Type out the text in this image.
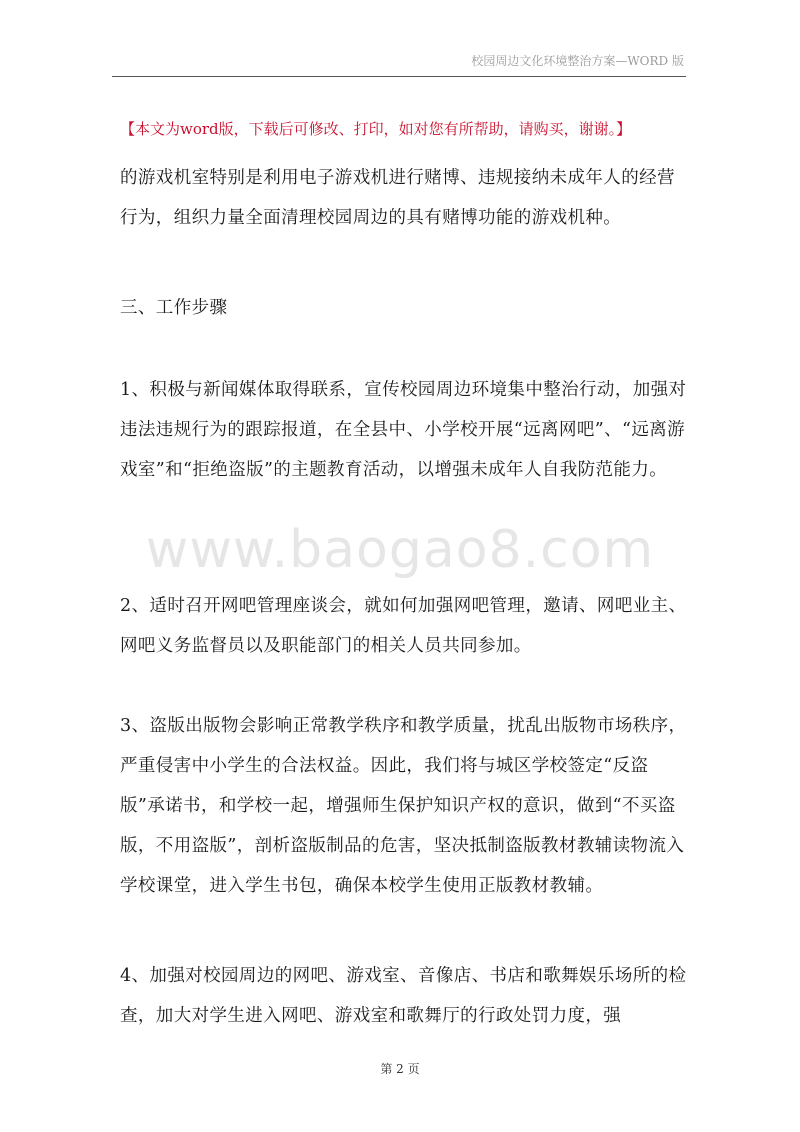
校园周边文化环境整治方案—WORD 版
【本文为word版，下载后可修改、打印，如对您有所帮助，请购买，谢谢。】

的游戏机室特别是利用电子游戏机进行赌博、违规接纳未成年人的经营行为，组织力量全面清理校园周边的具有赌博功能的游戏机种。

三、工作步骤

1、积极与新闻媒体取得联系，宣传校园周边环境集中整治行动，加强对违法违规行为的跟踪报道，在全县中、小学校开展“远离网吧”、“远离游戏室”和“拒绝盗版”的主题教育活动，以增强未成年人自我防范能力。

www.baogao8.com

2、适时召开网吧管理座谈会，就如何加强网吧管理，邀请、网吧业主、网吧义务监督员以及职能部门的相关人员共同参加。

3、盗版出版物会影响正常教学秩序和教学质量，扰乱出版物市场秩序，严重侵害中小学生的合法权益。因此，我们将与城区学校签定“反盗版”承诺书，和学校一起，增强师生保护知识产权的意识，做到“不买盗版，不用盗版”，剖析盗版制品的危害，坚决抵制盗版教材教辅读物流入学校课堂，进入学生书包，确保本校学生使用正版教材教辅。

4、加强对校园周边的网吧、游戏室、音像店、书店和歌舞娱乐场所的检查，加大对学生进入网吧、游戏室和歌舞厅的行政处罚力度，强

第 2 页
